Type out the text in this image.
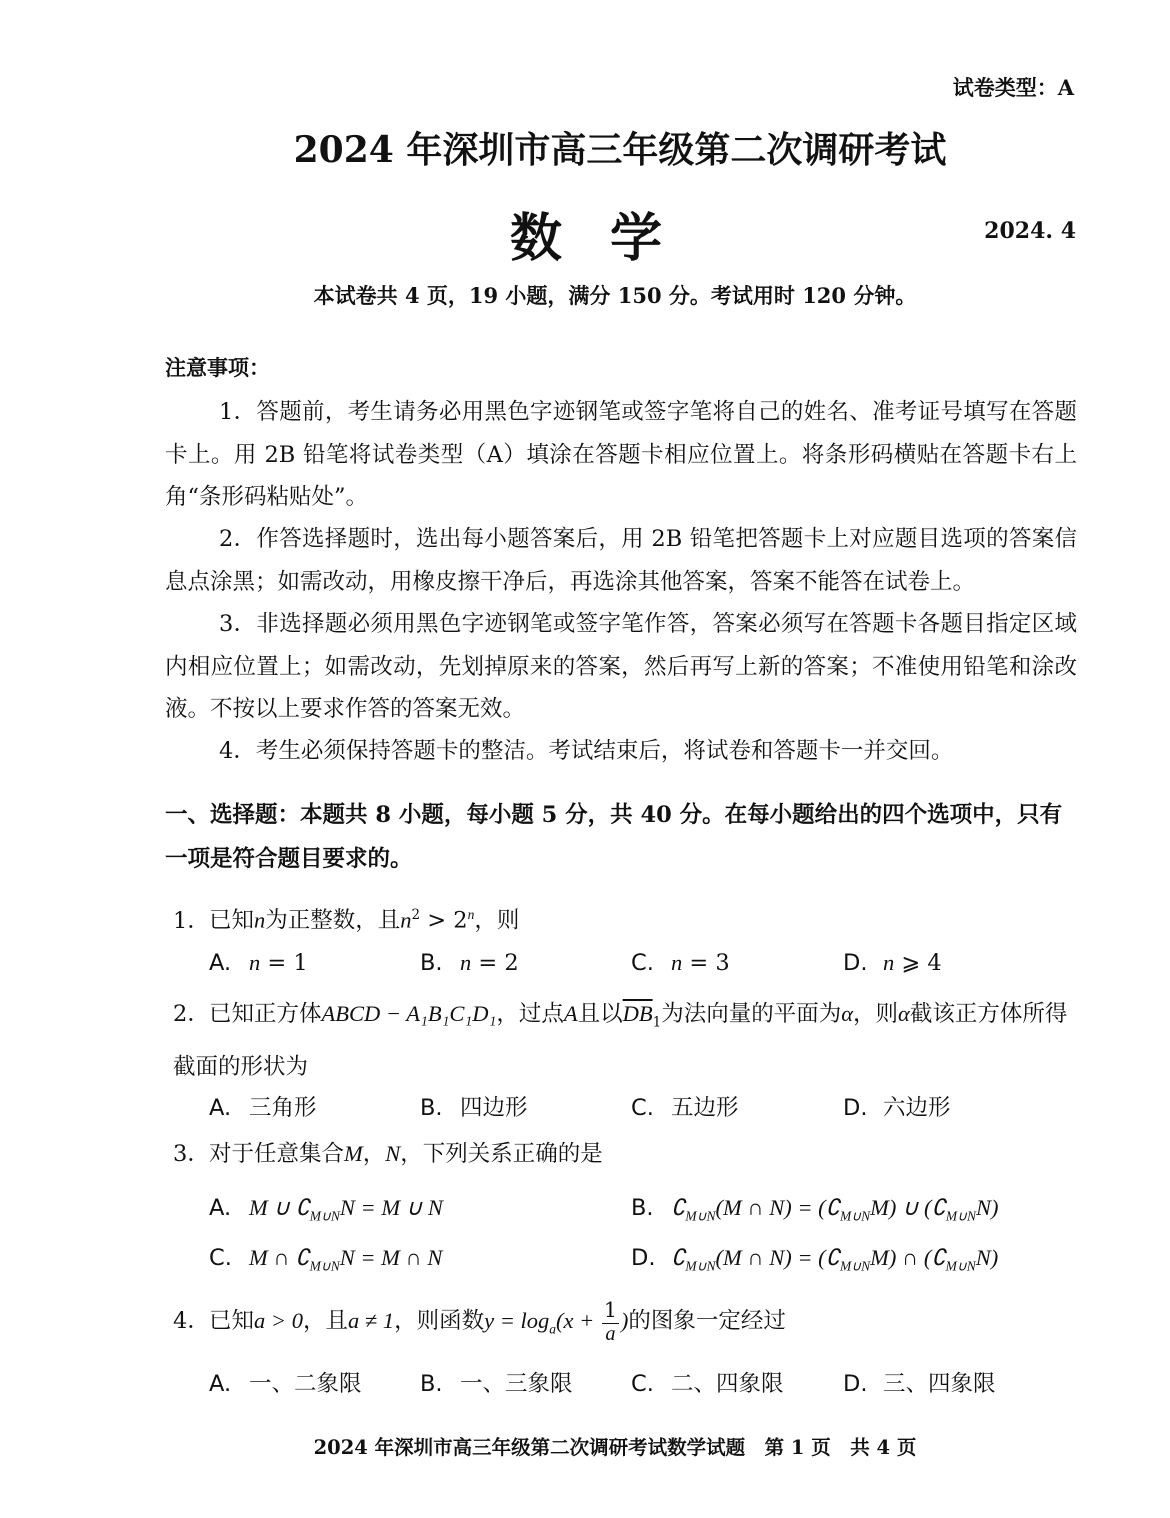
试卷类型：A
2024 年深圳市高三年级第二次调研考试
数学	2024. 4
本试卷共 4 页，19 小题，满分 150 分。考试用时 120 分钟。
注意事项：
1．答题前，考生请务必用黑色字迹钢笔或签字笔将自己的姓名、准考证号填写在答题卡上。用 2B 铅笔将试卷类型（A）填涂在答题卡相应位置上。将条形码横贴在答题卡右上角“条形码粘贴处”。
2．作答选择题时，选出每小题答案后，用 2B 铅笔把答题卡上对应题目选项的答案信息点涂黑；如需改动，用橡皮擦干净后，再选涂其他答案，答案不能答在试卷上。
3．非选择题必须用黑色字迹钢笔或签字笔作答，答案必须写在答题卡各题目指定区域内相应位置上；如需改动，先划掉原来的答案，然后再写上新的答案；不准使用铅笔和涂改液。不按以上要求作答的答案无效。
4．考生必须保持答题卡的整洁。考试结束后，将试卷和答题卡一并交回。
一、选择题：本题共 8 小题，每小题 5 分，共 40 分。在每小题给出的四个选项中，只有一项是符合题目要求的。
1．已知n为正整数，且$n^2 > 2^n$，则
A. n = 1	B. n = 2	C. n = 3	D. n ⩾ 4
2．已知正方体ABCD − A₁B₁C₁D₁，过点A且以$\overline{DB}_1$为法向量的平面为α，则α截该正方体所得截面的形状为
A. 三角形	B. 四边形	C. 五边形	D. 六边形
3．对于任意集合M，N，下列关系正确的是
A. M ∪ $∁_{M\cup N}N = M$ ∪ N	B. $∁_{M\cup N}(M$ ∩ $N) = (∁_{M\cup N}M)$ ∪ $(∁_{M\cup N}N)$
C. M ∩ $∁_{M\cup N}N = M$ ∩ N	D. $∁_{M\cup N}(M$ ∩ $N) = (∁_{M\cup N}M)$ ∩ $(∁_{M\cup N}N)$
4．已知a > 0，且a ≠ 1，则函数$y = \log_a(x + \frac{1}{a}$ )的图象一定经过
A. 一、二象限	B. 一、三象限	C. 二、四象限	D. 三、四象限
2024 年深圳市高三年级第二次调研考试数学试题　第 1 页　共 4 页
